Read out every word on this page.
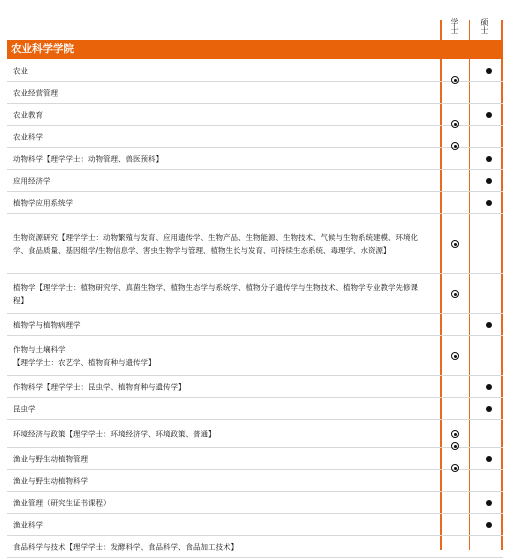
学士	硕士
农业科学学院
农业
农业经营管理
农业教育
农业科学
动物科学【理学学士：动物管理、兽医预科】
应用经济学
植物学应用系统学
生物资源研究【理学学士：动物繁殖与发育、应用遗传学、生物产品、生物能源、生物技术、气候与生物系统建模、环境化
学、食品质量、基因组学/生物信息学、害虫生物学与管理、植物生长与发育、可持续生态系统、毒理学、水资源】
植物学【理学学士：植物研究学、真菌生物学、植物生态学与系统学、植物分子遗传学与生物技术、植物学专业教学先修课
程】
植物学与植物病理学
作物与土壤科学
【理学学士：农艺学、植物育种与遗传学】
作物科学【理学学士：昆虫学、植物育种与遗传学】
昆虫学
环境经济与政策【理学学士：环境经济学、环境政策、普通】
渔业与野生动植物管理
渔业与野生动植物科学
渔业管理（研究生证书课程）
渔业科学
食品科学与技术【理学学士：发酵科学、食品科学、食品加工技术】
